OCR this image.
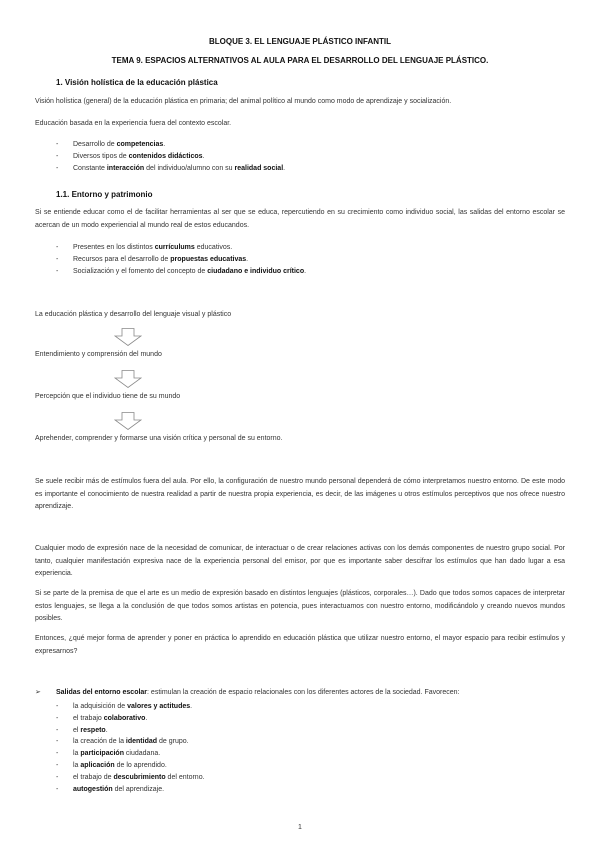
BLOQUE 3. EL LENGUAJE PLÁSTICO INFANTIL
TEMA 9. ESPACIOS ALTERNATIVOS AL AULA PARA EL DESARROLLO DEL LENGUAJE PLÁSTICO.
1. Visión holística de la educación plástica
Visión holística (general) de la educación plástica en primaria; del animal político al mundo como modo de aprendizaje y socialización.
Educación basada en la experiencia fuera del contexto escolar.
- Desarrollo de competencias.
- Diversos tipos de contenidos didácticos.
- Constante interacción del individuo/alumno con su realidad social.
1.1. Entorno y patrimonio
Si se entiende educar como el de facilitar herramientas al ser que se educa, repercutiendo en su crecimiento como individuo social, las salidas del entorno escolar se acercan de un modo experiencial al mundo real de estos educandos.
- Presentes en los distintos currículums educativos.
- Recursos para el desarrollo de propuestas educativas.
- Socialización y el fomento del concepto de ciudadano e individuo crítico.
La educación plástica y desarrollo del lenguaje visual y plástico
Entendimiento y comprensión del mundo
Percepción que el individuo tiene de su mundo
Aprehender, comprender y formarse una visión crítica y personal de su entorno.
Se suele recibir más de estímulos fuera del aula. Por ello, la configuración de nuestro mundo personal dependerá de cómo interpretamos nuestro entorno. De este modo es importante el conocimiento de nuestra realidad a partir de nuestra propia experiencia, es decir, de las imágenes u otros estímulos perceptivos que nos ofrece nuestro aprendizaje.
Cualquier modo de expresión nace de la necesidad de comunicar, de interactuar o de crear relaciones activas con los demás componentes de nuestro grupo social. Por tanto, cualquier manifestación expresiva nace de la experiencia personal del emisor, por que es importante saber descifrar los estímulos que han dado lugar a esa experiencia.
Si se parte de la premisa de que el arte es un medio de expresión basado en distintos lenguajes (plásticos, corporales…). Dado que todos somos capaces de interpretar estos lenguajes, se llega a la conclusión de que todos somos artistas en potencia, pues interactuamos con nuestro entorno, modificándolo y creando nuevos mundos posibles.
Entonces, ¿qué mejor forma de aprender y poner en práctica lo aprendido en educación plástica que utilizar nuestro entorno, el mayor espacio para recibir estímulos y expresarnos?
➢ Salidas del entorno escolar: estimulan la creación de espacio relacionales con los diferentes actores de la sociedad. Favorecen:
- la adquisición de valores y actitudes.
- el trabajo colaborativo.
- el respeto.
- la creación de la identidad de grupo.
- la participación ciudadana.
- la aplicación de lo aprendido.
- el trabajo de descubrimiento del entorno.
- autogestión del aprendizaje.
1
